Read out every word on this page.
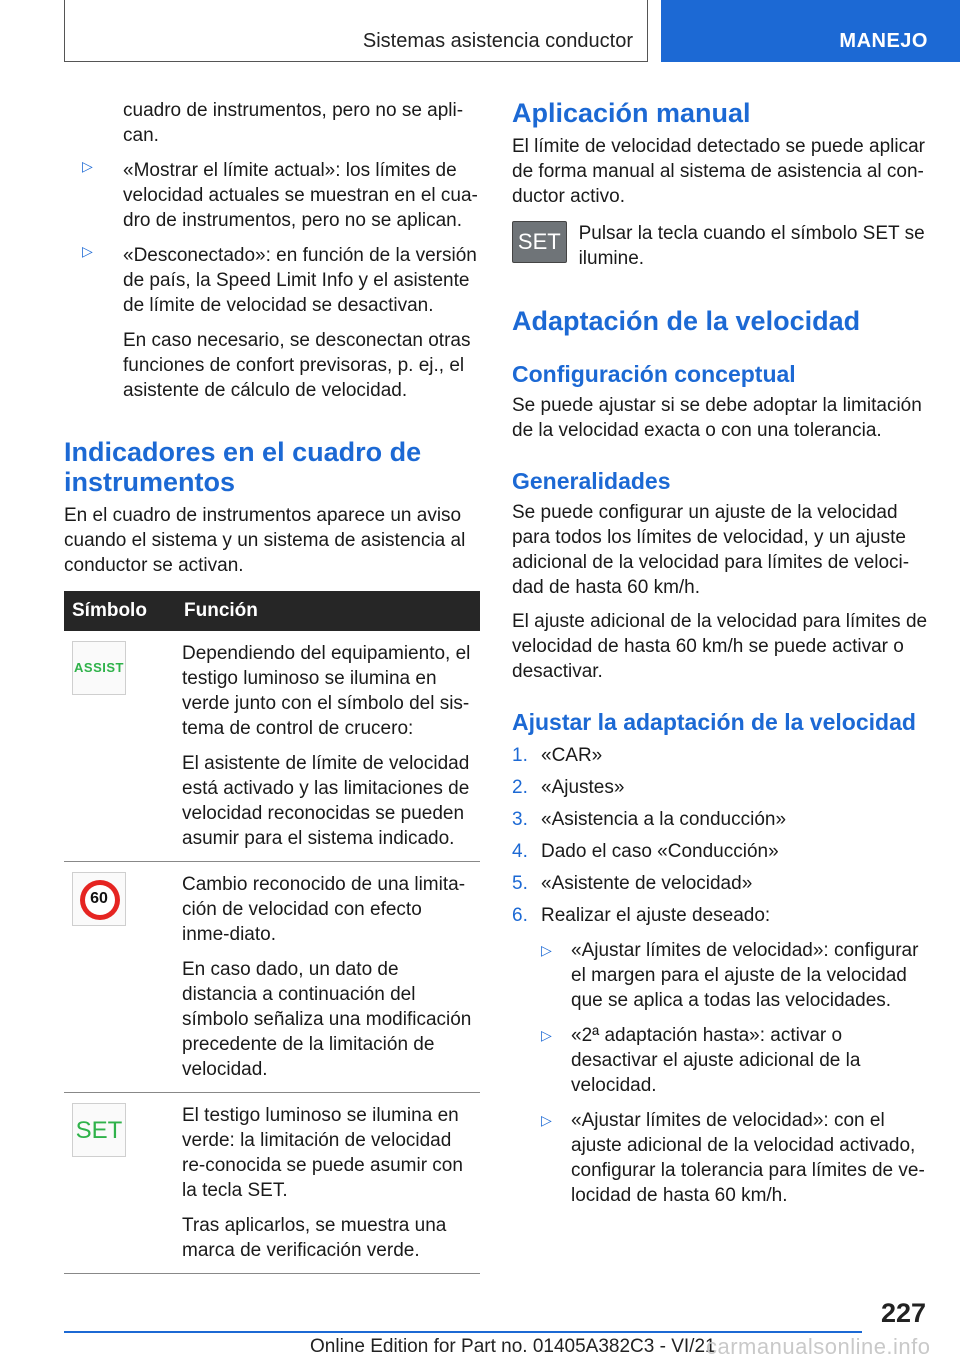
Sistemas asistencia conductor	MANEJO

cuadro de instrumentos, pero no se apli-can.

▷ «Mostrar el límite actual»: los límites de velocidad actuales se muestran en el cua-dro de instrumentos, pero no se aplican.

▷ «Desconectado»: en función de la versión de país, la Speed Limit Info y el asistente de límite de velocidad se desactivan.

En caso necesario, se desconectan otras funciones de confort previsoras, p. ej., el asistente de cálculo de velocidad.

Indicadores en el cuadro de instrumentos

En el cuadro de instrumentos aparece un aviso cuando el sistema y un sistema de asistencia al conductor se activan.

Símbolo	Función

ASSIST	Dependiendo del equipamiento, el testigo luminoso se ilumina en verde junto con el símbolo del sis-tema de control de crucero:

El asistente de límite de velocidad está activado y las limitaciones de velocidad reconocidas se pueden asumir para el sistema indicado.

60	Cambio reconocido de una limita-ción de velocidad con efecto inme-diato.

En caso dado, un dato de distancia a continuación del símbolo señaliza una modificación precedente de la limitación de velocidad.

SET	El testigo luminoso se ilumina en verde: la limitación de velocidad re-conocida se puede asumir con la tecla SET.

Tras aplicarlos, se muestra una marca de verificación verde.

Aplicación manual

El límite de velocidad detectado se puede aplicar de forma manual al sistema de asistencia al con-ductor activo.

SET Pulsar la tecla cuando el símbolo SET se ilumine.

Adaptación de la velocidad
Configuración conceptual

Se puede ajustar si se debe adoptar la limitación de la velocidad exacta o con una tolerancia.

Generalidades

Se puede configurar un ajuste de la velocidad para todos los límites de velocidad, y un ajuste adicional de la velocidad para límites de veloci-dad de hasta 60 km/h.

El ajuste adicional de la velocidad para límites de velocidad de hasta 60 km/h se puede activar o desactivar.

Ajustar la adaptación de la velocidad
1. «CAR»
2. «Ajustes»
3. «Asistencia a la conducción»
4. Dado el caso «Conducción»
5. «Asistente de velocidad»
6. Realizar el ajuste deseado:
▷ «Ajustar límites de velocidad»: configurar el margen para el ajuste de la velocidad que se aplica a todas las velocidades.
▷ «2ª adaptación hasta»: activar o desactivar el ajuste adicional de la velocidad.
▷ «Ajustar límites de velocidad»: con el ajuste adicional de la velocidad activado, configurar la tolerancia para límites de ve-locidad de hasta 60 km/h.
227
Online Edition for Part no. 01405A382C3 - VI/21
carmanualsonline.info
